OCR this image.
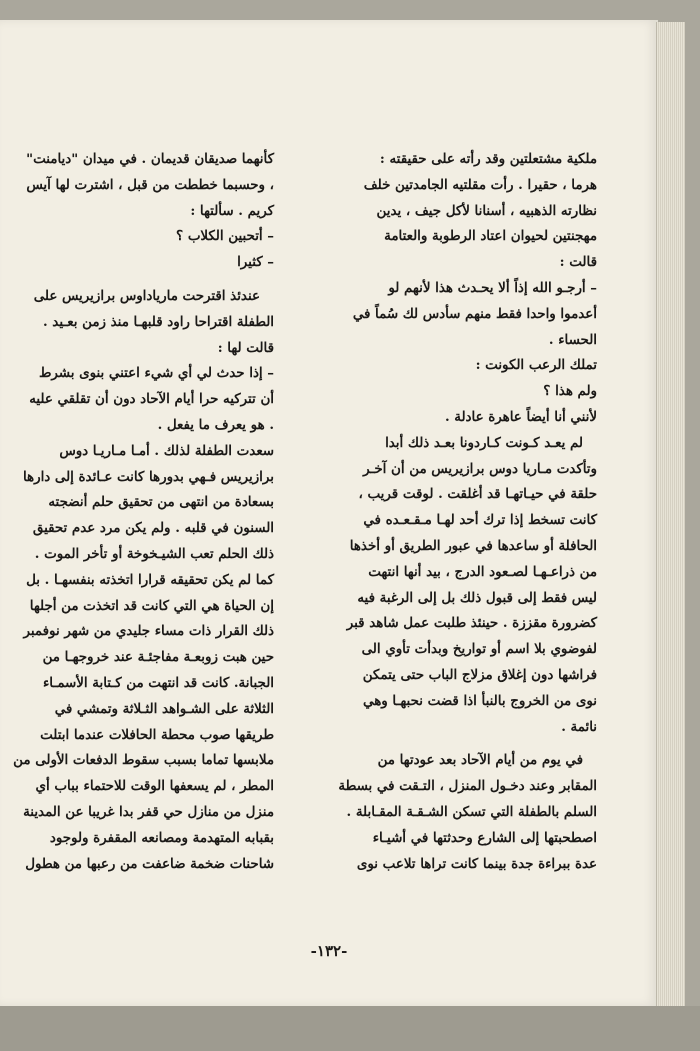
ملكية مشتعلتين وقد رأته على حقيقته :
هرما ، حقيرا . رأت مقلتيه الجامدتين خلف
نظارته الذهبيه ، أسنانا لأكل جيف ، يدين
مهجنتين لحيوان اعتاد الرطوبة والعتامة
قالت :
– أرجـو الله إذاً ألا يحـدث هذا لأنهم لو
أعدموا واحدا فقط منهم سأدس لك سُماً في
الحساء .
تملك الرعب الكونت :
ولم هذا ؟
لأنني أنا أيضاً عاهرة عادلة .
لم يعـد كـونت كـاردونا بعـد ذلك أبدا
وتأكدت مـاريا دوس برازيريس من أن آخـر
حلقة في حيـاتهـا قد أغلقت . لوقت قريب ،
كانت تسخط إذا ترك أحد لهـا مـقـعـده في
الحافلة أو ساعدها في عبور الطريق أو أخذها
من ذراعـهـا لصـعود الدرج ، بيد أنها انتهت
ليس فقط إلى قبول ذلك بل إلى الرغبة فيه
كضرورة مقززة . حينئذ طلبت عمل شاهد قبر
لفوضوي بلا اسم أو تواريخ وبدأت تأوي الى
فراشها دون إغلاق مزلاج الباب حتى يتمكن
نوى من الخروج بالنبأ اذا قضت نحبهـا وهي
نائمة .
في يوم من أيام الآحاد بعد عودتها من
المقابر وعند دخـول المنزل ، التـقت في بسطة
السلم بالطفلة التي تسكن الشـقـة المقـابلة .
اصطحبتها إلى الشارع وحدثتها في أشيـاء
عدة ببراءة جدة بينما كانت تراها تلاعب نوى
كأنهما صديقان قديمان . في ميدان "ديامنت"
، وحسبما خططت من قبل ، اشترت لها آيس
كريم . سألتها :
– أتحبين الكلاب ؟
– كثيرا
عندئذ اقترحت مارياداوس برازيريس على
الطفلة اقتراحا راود قلبهـا منذ زمن بعـيد .
قالت لها :
– إذا حدث لي أي شيء اعتني بنوى بشرط
أن تتركيه حرا أيام الآحاد دون أن تقلقي عليه
. هو يعرف ما يفعل .
سعدت الطفلة لذلك . أمـا مـاريـا دوس
برازيريس فـهي بدورها كانت عـائدة إلى دارها
بسعادة من انتهى من تحقيق حلم أنضجته
السنون في قلبه . ولم يكن مرد عدم تحقيق
ذلك الحلم تعب الشيـخوخة أو تأخر الموت .
كما لم يكن تحقيقه قرارا اتخذته بنفسهـا . بل
إن الحياة هي التي كانت قد اتخذت من أجلها
ذلك القرار ذات مساء جليدي من شهر نوفمبر
حين هبت زوبعـة مفاجئـة عند خروجهـا من
الجبانة. كانت قد انتهت من كـتابة الأسمـاء
الثلاثة على الشـواهد الثـلاثة وتمشي في
طريقها صوب محطة الحافلات عندما ابتلت
ملابسها تماما بسبب سقوط الدفعات الأولى من
المطر ، لم يسعفها الوقت للاحتماء بباب أي
منزل من منازل حي قفر بدا غريبا عن المدينة
بقبابه المتهدمة ومصانعه المقفرة ولوجود
شاحنات ضخمة ضاعفت من رعبها من هطول
-١٣٢-
